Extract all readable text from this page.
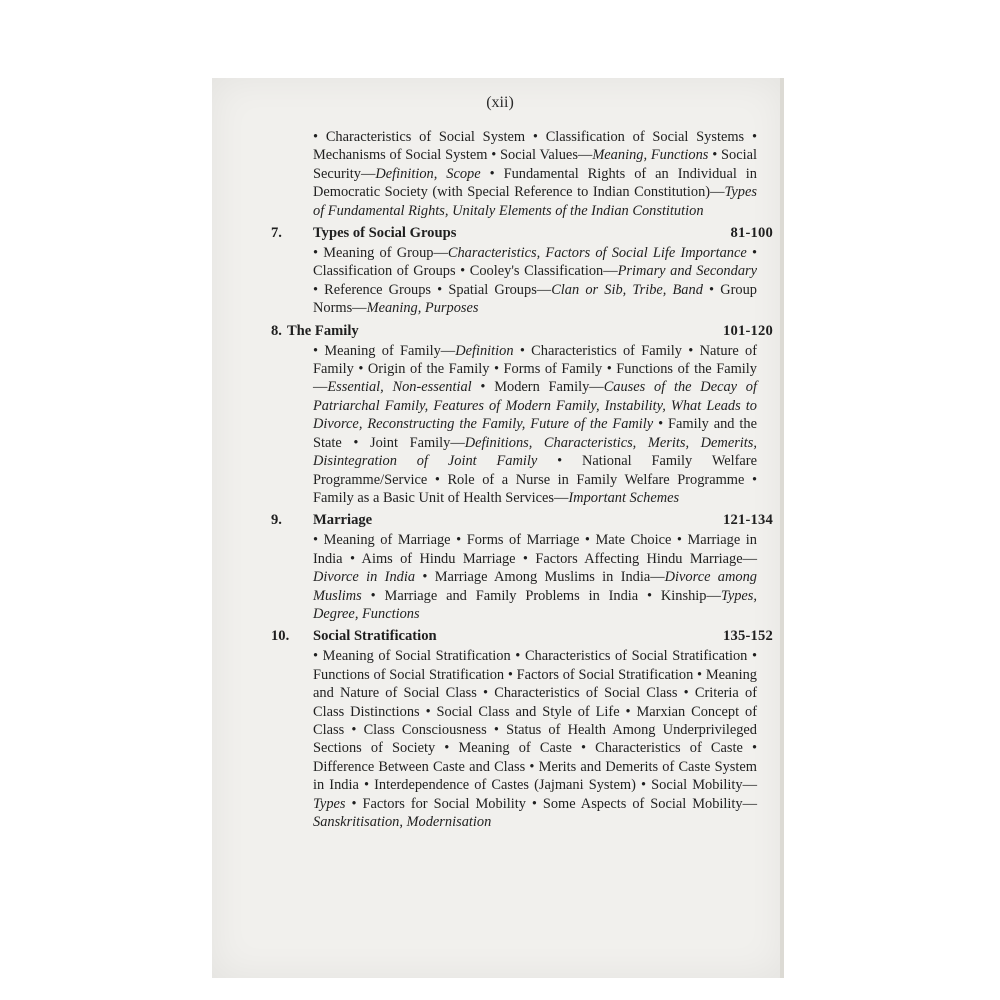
(xii)

• Characteristics of Social System • Classification of Social Systems • Mechanisms of Social System • Social Values—Meaning, Functions • Social Security—Definition, Scope • Fundamental Rights of an Individual in Democratic Society (with Special Reference to Indian Constitution)—Types of Fundamental Rights, Unitaly Elements of the Indian Constitution

7.	Types of Social Groups	81-100

• Meaning of Group—Characteristics, Factors of Social Life Importance • Classification of Groups • Cooley's Classification—Primary and Secondary • Reference Groups • Spatial Groups—Clan or Sib, Tribe, Band • Group Norms—Meaning, Purposes

8. The Family	101-120

• Meaning of Family—Definition • Characteristics of Family • Nature of Family • Origin of the Family • Forms of Family • Functions of the Family—Essential, Non-essential • Modern Family—Causes of the Decay of Patriarchal Family, Features of Modern Family, Instability, What Leads to Divorce, Reconstructing the Family, Future of the Family • Family and the State • Joint Family—Definitions, Characteristics, Merits, Demerits, Disintegration of Joint Family • National Family Welfare Programme/Service • Role of a Nurse in Family Welfare Programme • Family as a Basic Unit of Health Services—Important Schemes

9.	Marriage	121-134

• Meaning of Marriage • Forms of Marriage • Mate Choice • Marriage in India • Aims of Hindu Marriage • Factors Affecting Hindu Marriage—Divorce in India • Marriage Among Muslims in India—Divorce among Muslims • Marriage and Family Problems in India • Kinship—Types, Degree, Functions

10.	Social Stratification	135-152

• Meaning of Social Stratification • Characteristics of Social Stratification • Functions of Social Stratification • Factors of Social Stratification • Meaning and Nature of Social Class • Characteristics of Social Class • Criteria of Class Distinctions • Social Class and Style of Life • Marxian Concept of Class • Class Consciousness • Status of Health Among Underprivileged Sections of Society • Meaning of Caste • Characteristics of Caste • Difference Between Caste and Class • Merits and Demerits of Caste System in India • Interdependence of Castes (Jajmani System) • Social Mobility—Types • Factors for Social Mobility • Some Aspects of Social Mobility—Sanskritisation, Modernisation
